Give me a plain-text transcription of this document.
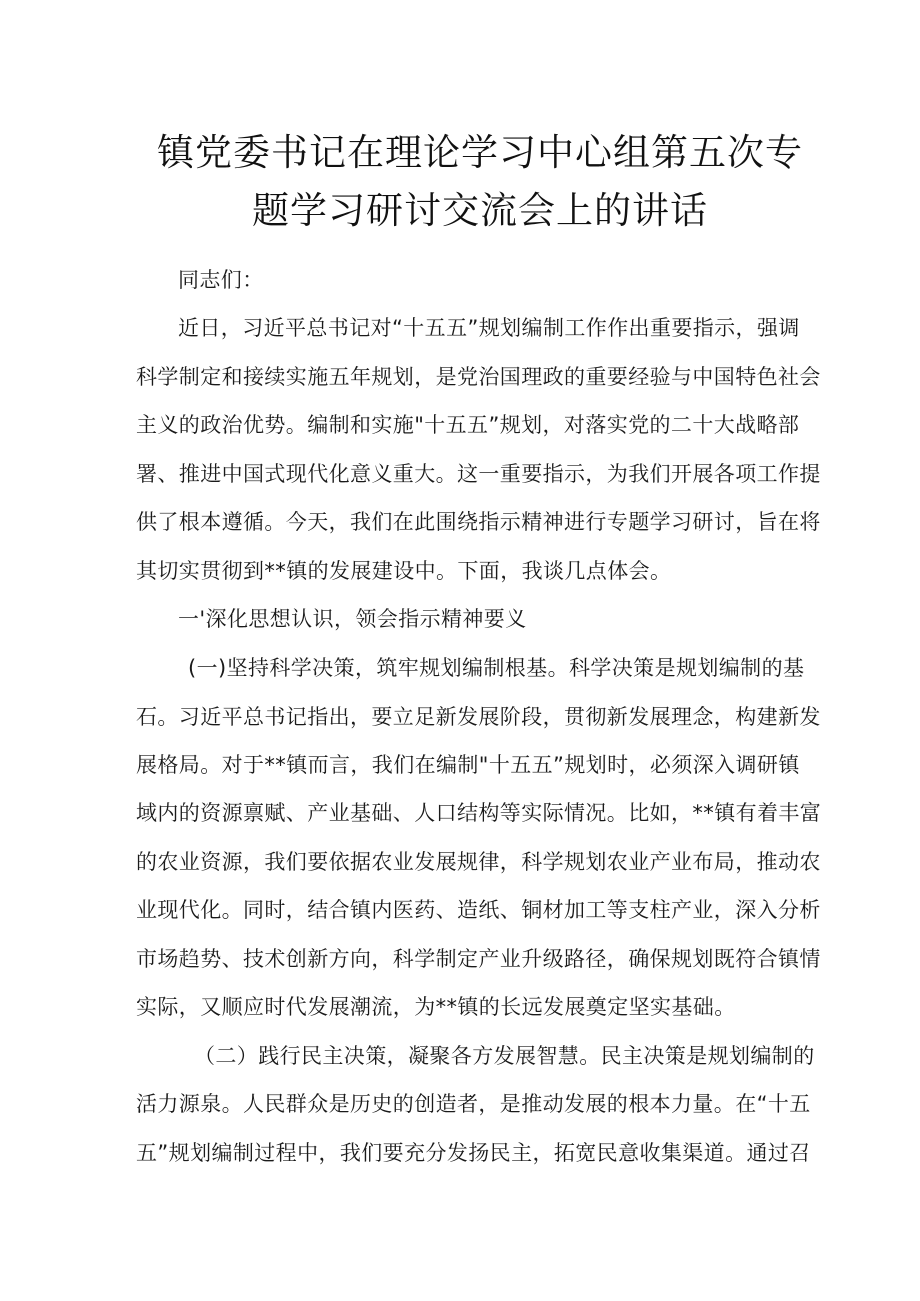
镇党委书记在理论学习中心组第五次专
题学习研讨交流会上的讲话
同志们：
近日，习近平总书记对“十五五”规划编制工作作出重要指示，强调
科学制定和接续实施五年规划，是党治国理政的重要经验与中国特色社会
主义的政治优势。编制和实施"十五五”规划，对落实党的二十大战略部
署、推进中国式现代化意义重大。这一重要指示，为我们开展各项工作提
供了根本遵循。今天，我们在此围绕指示精神进行专题学习研讨，旨在将
其切实贯彻到**镇的发展建设中。下面，我谈几点体会。
一'深化思想认识，领会指示精神要义
(一)坚持科学决策，筑牢规划编制根基。科学决策是规划编制的基
石。习近平总书记指出，要立足新发展阶段，贯彻新发展理念，构建新发
展格局。对于**镇而言，我们在编制"十五五”规划时，必须深入调研镇
域内的资源禀赋、产业基础、人口结构等实际情况。比如，**镇有着丰富
的农业资源，我们要依据农业发展规律，科学规划农业产业布局，推动农
业现代化。同时，结合镇内医药、造纸、铜材加工等支柱产业，深入分析
市场趋势、技术创新方向，科学制定产业升级路径，确保规划既符合镇情
实际，又顺应时代发展潮流，为**镇的长远发展奠定坚实基础。
（二）践行民主决策，凝聚各方发展智慧。民主决策是规划编制的
活力源泉。人民群众是历史的创造者，是推动发展的根本力量。在“十五
五”规划编制过程中，我们要充分发扬民主，拓宽民意收集渠道。通过召
